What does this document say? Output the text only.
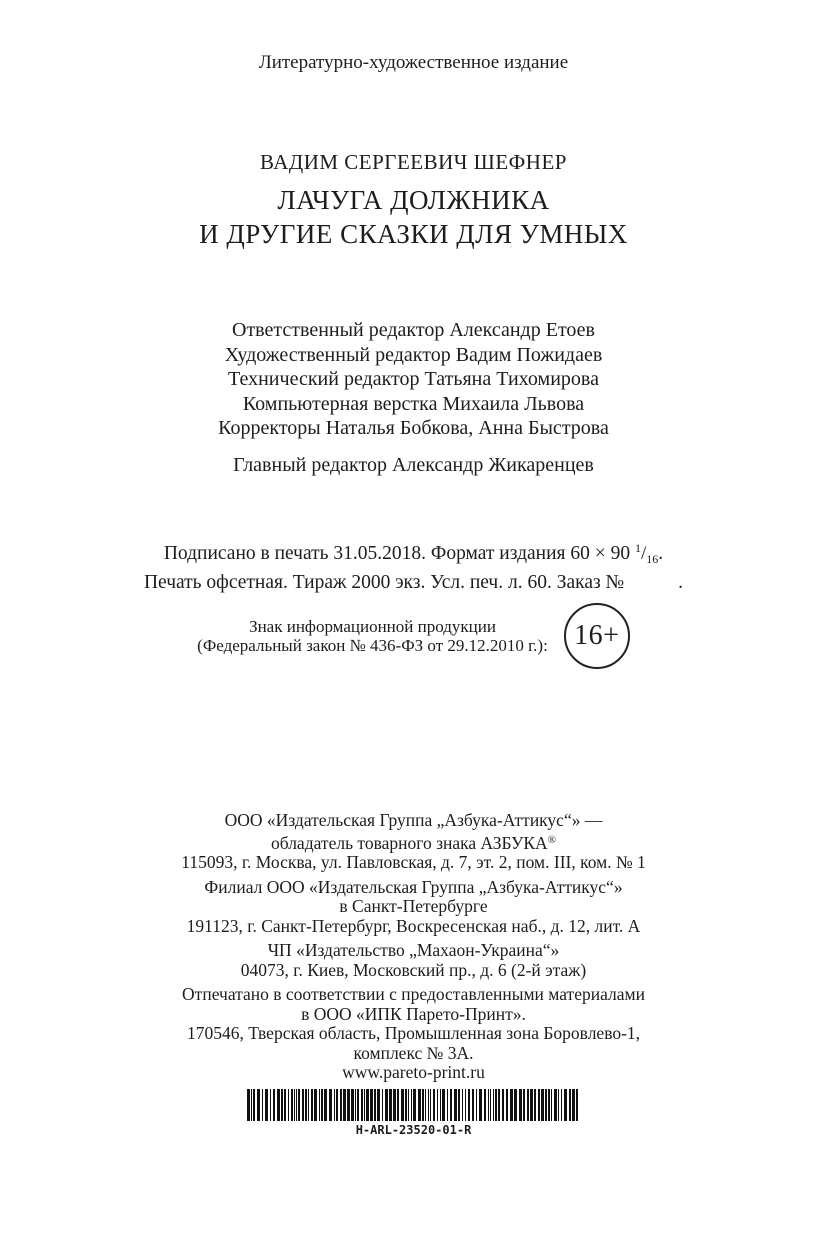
Литературно-художественное издание
ВАДИМ СЕРГЕЕВИЧ ШЕФНЕР
ЛАЧУГА ДОЛЖНИКА
И ДРУГИЕ СКАЗКИ ДЛЯ УМНЫХ
Ответственный редактор Александр Етоев
Художественный редактор Вадим Пожидаев
Технический редактор Татьяна Тихомирова
Компьютерная верстка Михаила Львова
Корректоры Наталья Бобкова, Анна Быстрова
Главный редактор Александр Жикаренцев
Подписано в печать 31.05.2018. Формат издания 60 × 90 $^1/_{16}$.
Печать офсетная. Тираж 2000 экз. Усл. печ. л. 60. Заказ №	.
Знак информационной продукции
(Федеральный закон № 436-ФЗ от 29.12.2010 г.): 16+
ООО «Издательская Группа „Азбука-Аттикус“» —
обладатель товарного знака АЗБУКА®
115093, г. Москва, ул. Павловская, д. 7, эт. 2, пом. III, ком. № 1
Филиал ООО «Издательская Группа „Азбука-Аттикус“»
в Санкт-Петербурге
191123, г. Санкт-Петербург, Воскресенская наб., д. 12, лит. А
ЧП «Издательство „Махаон-Украина“»
04073, г. Киев, Московский пр., д. 6 (2-й этаж)
Отпечатано в соответствии с предоставленными материалами
в ООО «ИПК Парето-Принт».
170546, Тверская область, Промышленная зона Боровлево-1,
комплекс № 3А.
www.pareto-print.ru
H-ARL-23520-01-R
